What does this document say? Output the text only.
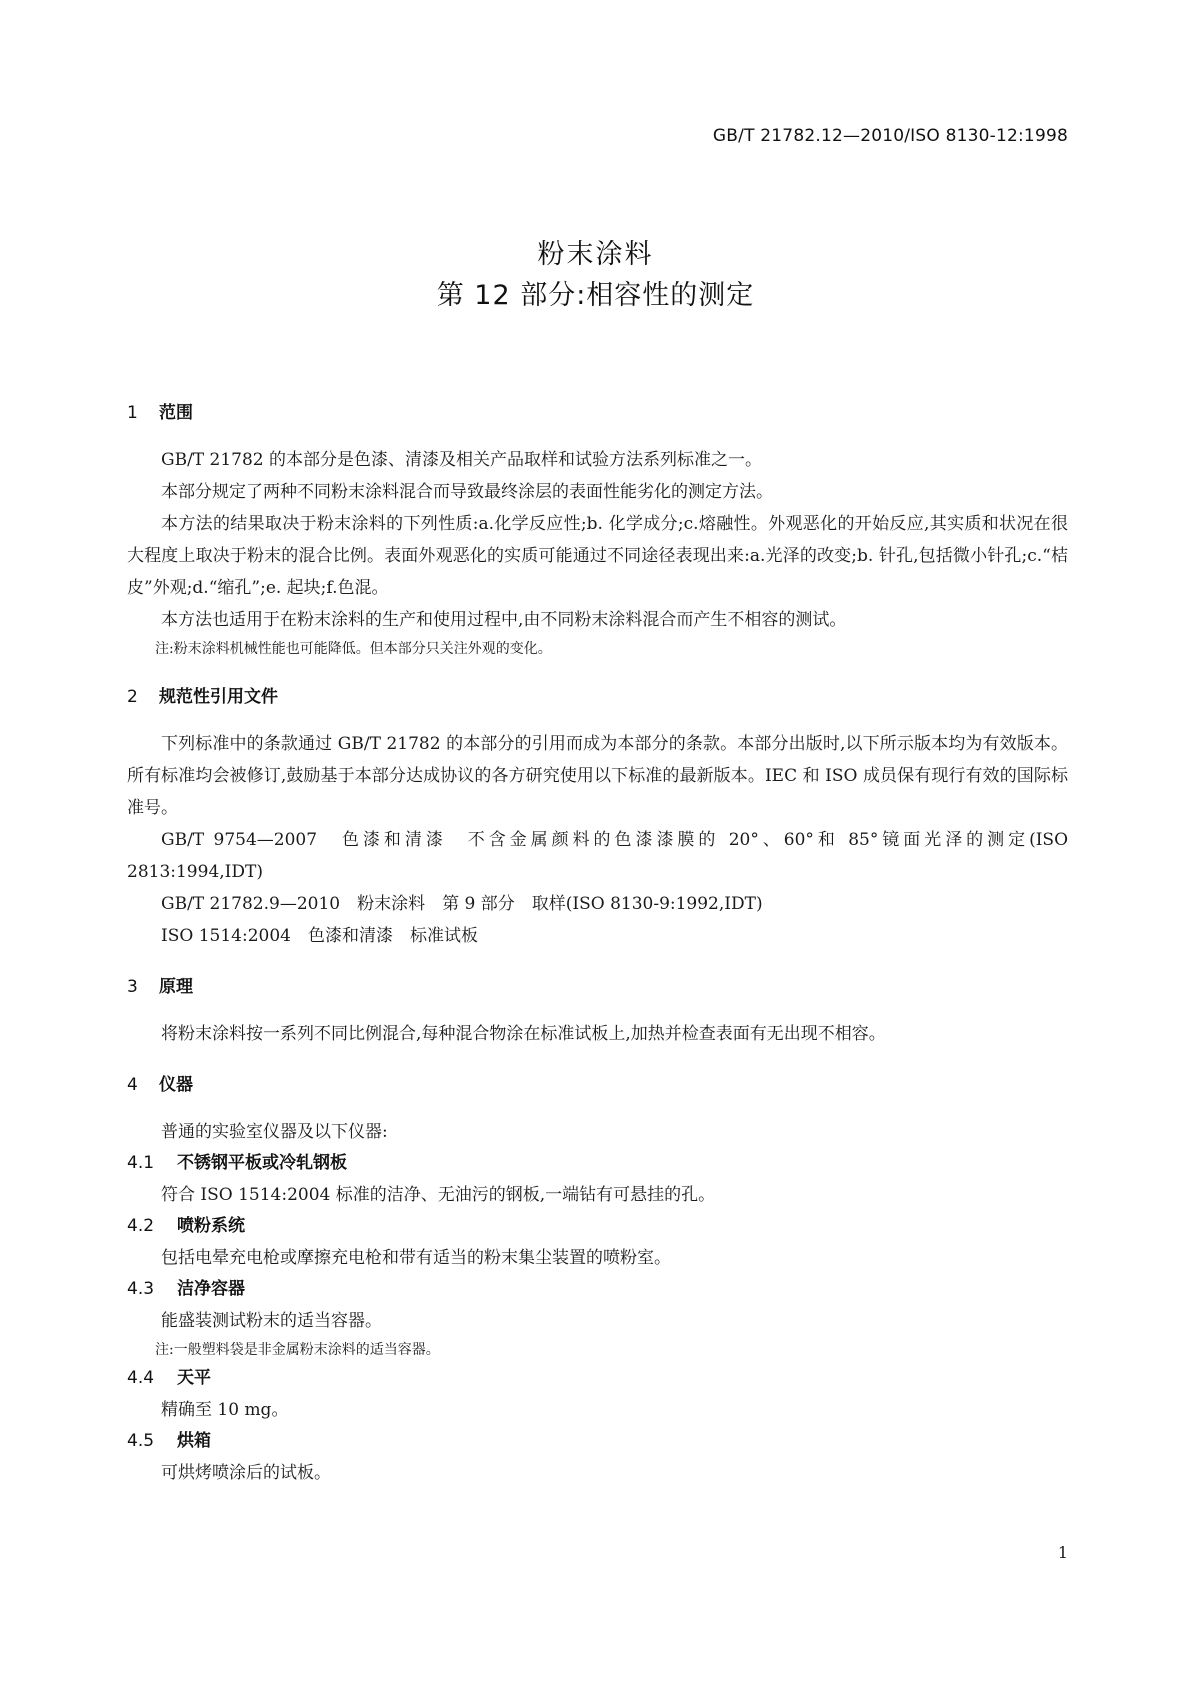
GB/T 21782.12—2010/ISO 8130-12:1998
粉末涂料
第 12 部分:相容性的测定
1 范围

GB/T 21782 的本部分是色漆、清漆及相关产品取样和试验方法系列标准之一。

本部分规定了两种不同粉末涂料混合而导致最终涂层的表面性能劣化的测定方法。

本方法的结果取决于粉末涂料的下列性质:a.化学反应性;b. 化学成分;c.熔融性。外观恶化的开始反应,其实质和状况在很大程度上取决于粉末的混合比例。表面外观恶化的实质可能通过不同途径表现出来:a.光泽的改变;b. 针孔,包括微小针孔;c.“桔皮”外观;d.“缩孔”;e. 起块;f.色混。

本方法也适用于在粉末涂料的生产和使用过程中,由不同粉末涂料混合而产生不相容的测试。

注:粉末涂料机械性能也可能降低。但本部分只关注外观的变化。

2 规范性引用文件

下列标准中的条款通过 GB/T 21782 的本部分的引用而成为本部分的条款。本部分出版时,以下所示版本均为有效版本。所有标准均会被修订,鼓励基于本部分达成协议的各方研究使用以下标准的最新版本。IEC 和 ISO 成员保有现行有效的国际标准号。

GB/T 9754—2007　色漆和清漆　不含金属颜料的色漆漆膜的 20°、60°和 85°镜面光泽的测定(ISO 2813:1994,IDT)

GB/T 21782.9—2010　粉末涂料　第 9 部分　取样(ISO 8130-9:1992,IDT)

ISO 1514:2004　色漆和清漆　标准试板

3 原理

将粉末涂料按一系列不同比例混合,每种混合物涂在标准试板上,加热并检查表面有无出现不相容。

4 仪器

普通的实验室仪器及以下仪器:

4.1 不锈钢平板或冷轧钢板

符合 ISO 1514:2004 标准的洁净、无油污的钢板,一端钻有可悬挂的孔。

4.2 喷粉系统

包括电晕充电枪或摩擦充电枪和带有适当的粉末集尘装置的喷粉室。

4.3 洁净容器

能盛装测试粉末的适当容器。

注:一般塑料袋是非金属粉末涂料的适当容器。

4.4 天平

精确至 10 mg。

4.5 烘箱

可烘烤喷涂后的试板。

1
